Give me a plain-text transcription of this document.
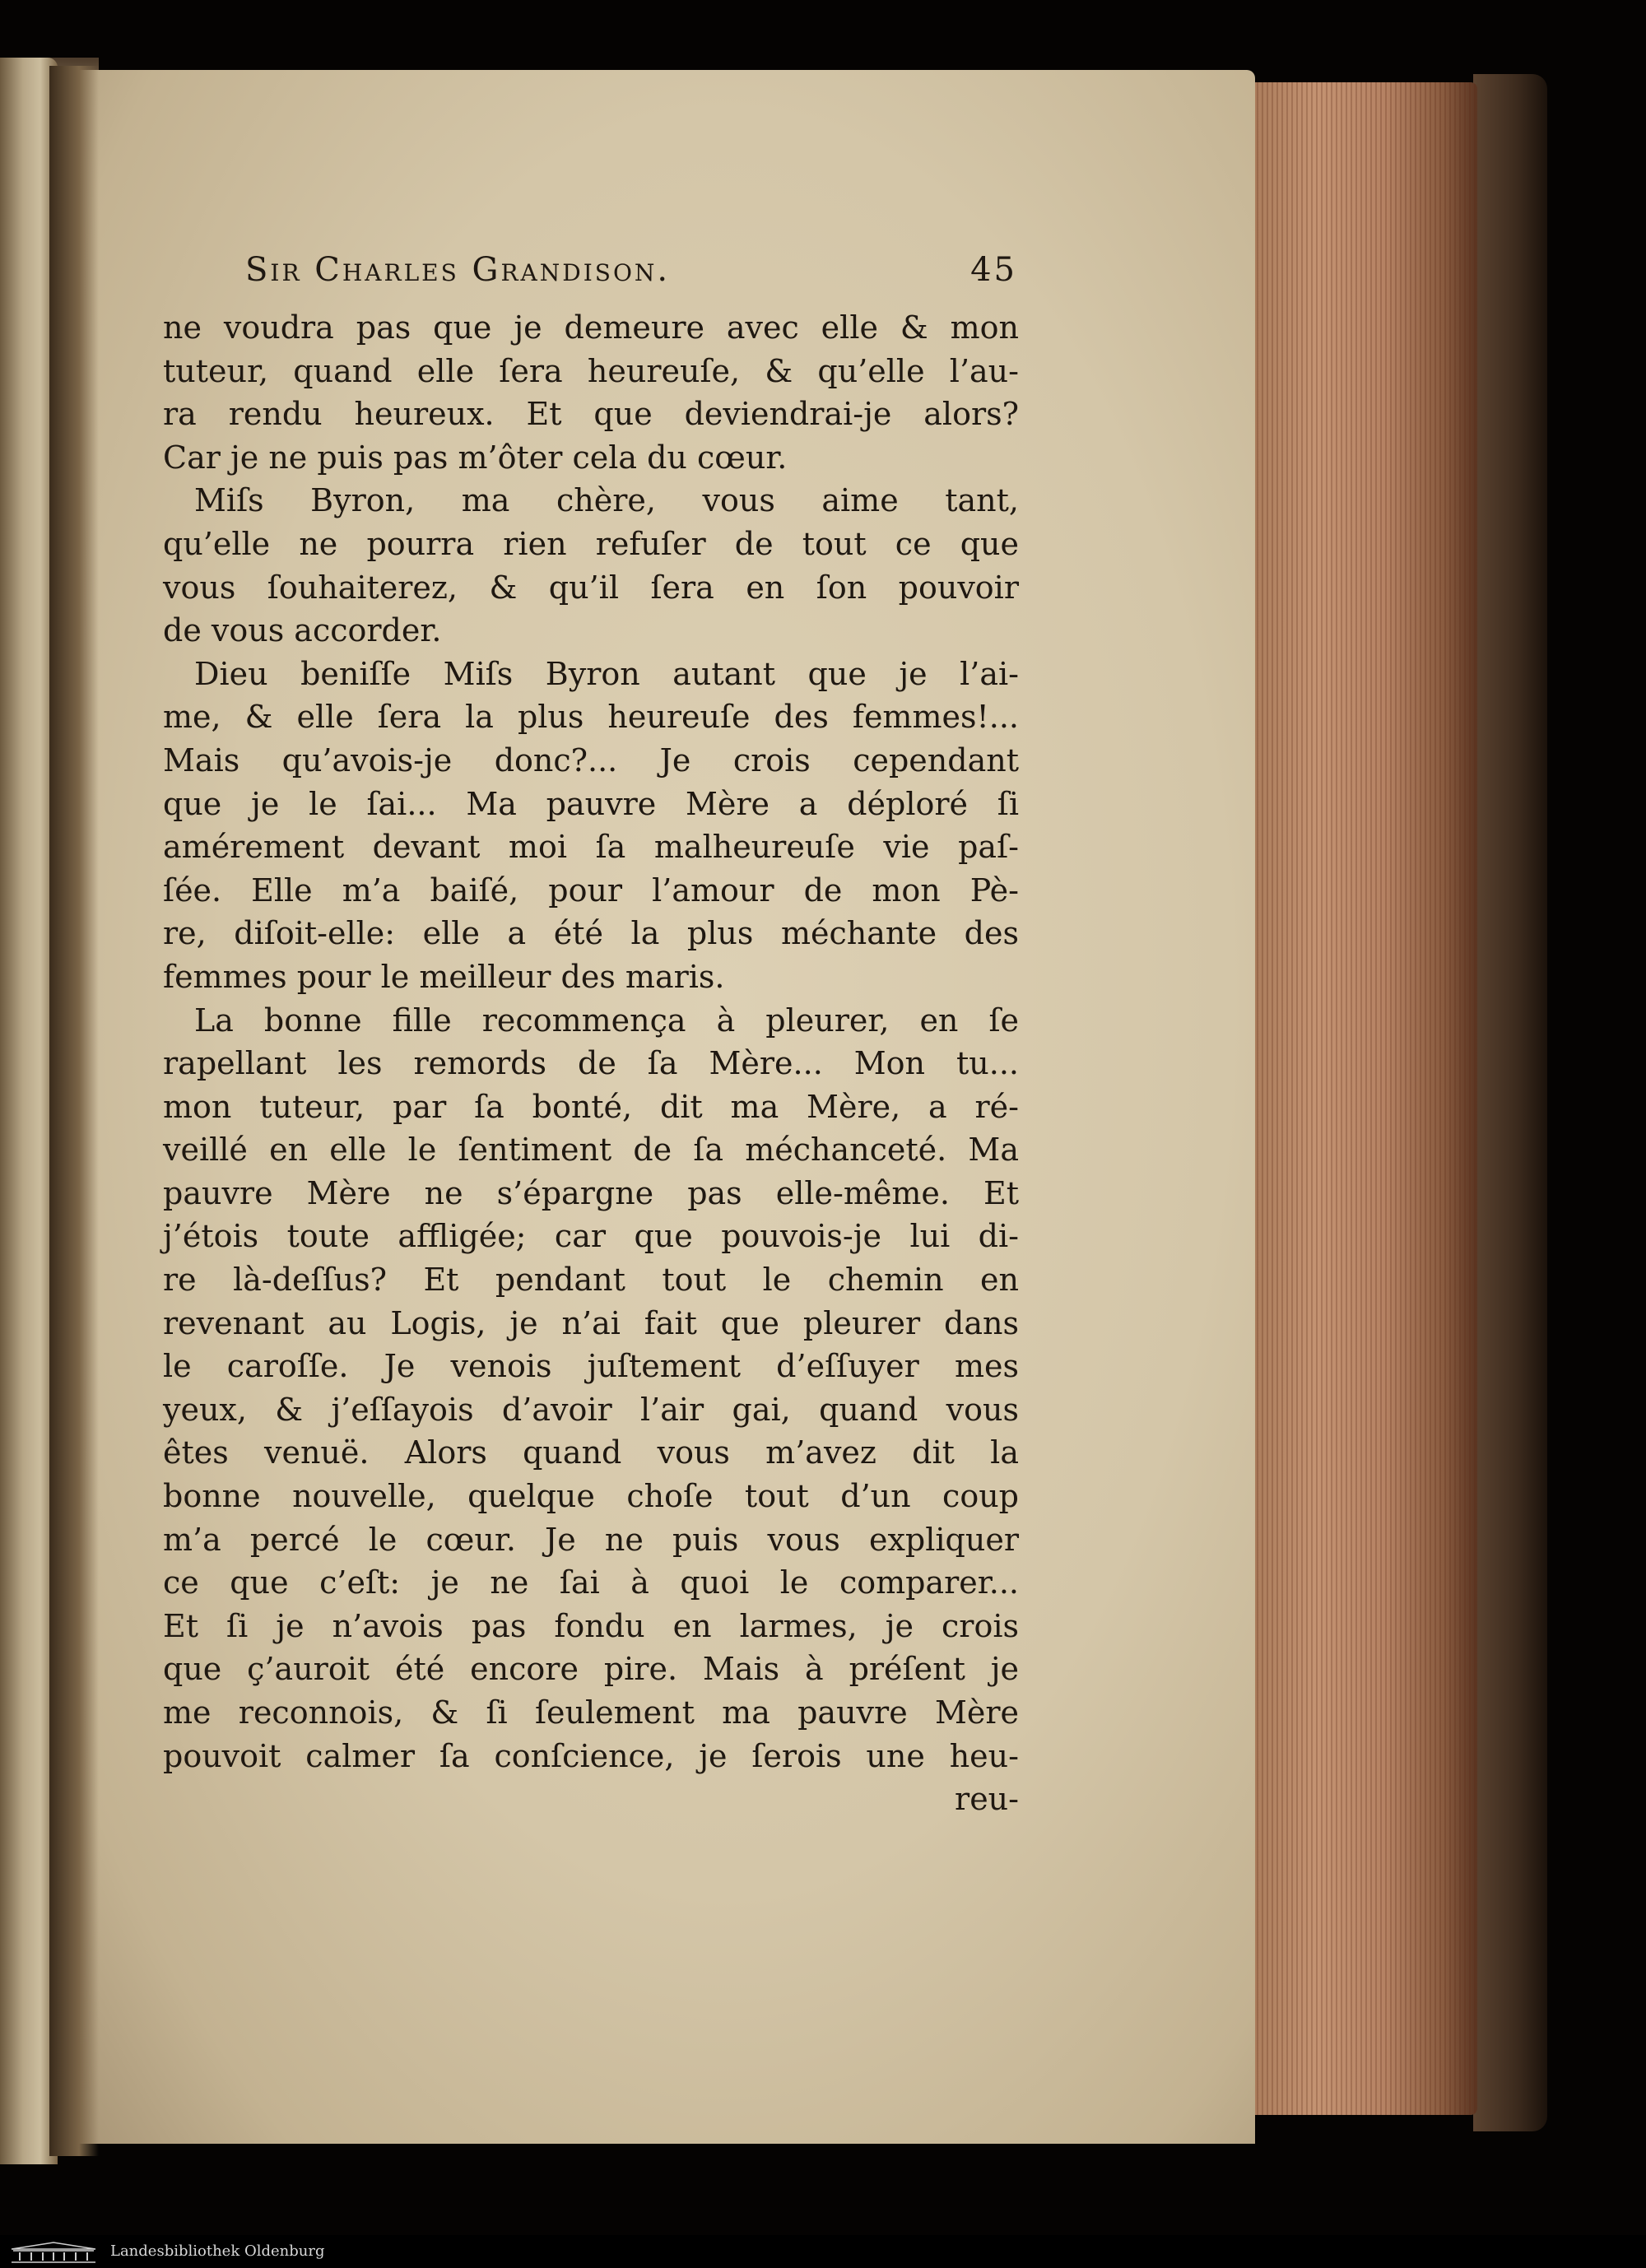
Sir Charles Grandison.	45
ne voudra pas que je demeure avec elle & mon
tuteur, quand elle ſera heureuſe, & qu’elle l’au-
ra rendu heureux. Et que deviendrai-je alors?
Car je ne puis pas m’ôter cela du cœur.
Miſs Byron, ma chère, vous aime tant,
qu’elle ne pourra rien refuſer de tout ce que
vous ſouhaiterez, & qu’il ſera en ſon pouvoir
de vous accorder.
Dieu beniſſe Miſs Byron autant que je l’ai-
me, & elle ſera la plus heureuſe des femmes!...
Mais qu’avois-je donc?... Je crois cependant
que je le ſai... Ma pauvre Mère a déploré ſi
amérement devant moi ſa malheureuſe vie paſ-
ſée. Elle m’a baiſé, pour l’amour de mon Pè-
re, diſoit-elle: elle a été la plus méchante des
femmes pour le meilleur des maris.
La bonne fille recommença à pleurer, en ſe
rapellant les remords de ſa Mère... Mon tu...
mon tuteur, par ſa bonté, dit ma Mère, a ré-
veillé en elle le ſentiment de ſa méchanceté. Ma
pauvre Mère ne s’épargne pas elle-même. Et
j’étois toute affligée; car que pouvois-je lui di-
re là-deſſus? Et pendant tout le chemin en
revenant au Logis, je n’ai fait que pleurer dans
le caroſſe. Je venois juſtement d’eſſuyer mes
yeux, & j’eſſayois d’avoir l’air gai, quand vous
êtes venuë. Alors quand vous m’avez dit la
bonne nouvelle, quelque choſe tout d’un coup
m’a percé le cœur. Je ne puis vous expliquer
ce que c’eſt: je ne ſai à quoi le comparer...
Et ſi je n’avois pas fondu en larmes, je crois
que ç’auroit été encore pire. Mais à préſent je
me reconnois, & ſi ſeulement ma pauvre Mère
pouvoit calmer ſa conſcience, je ſerois une heu-
reu-
Landesbibliothek Oldenburg
